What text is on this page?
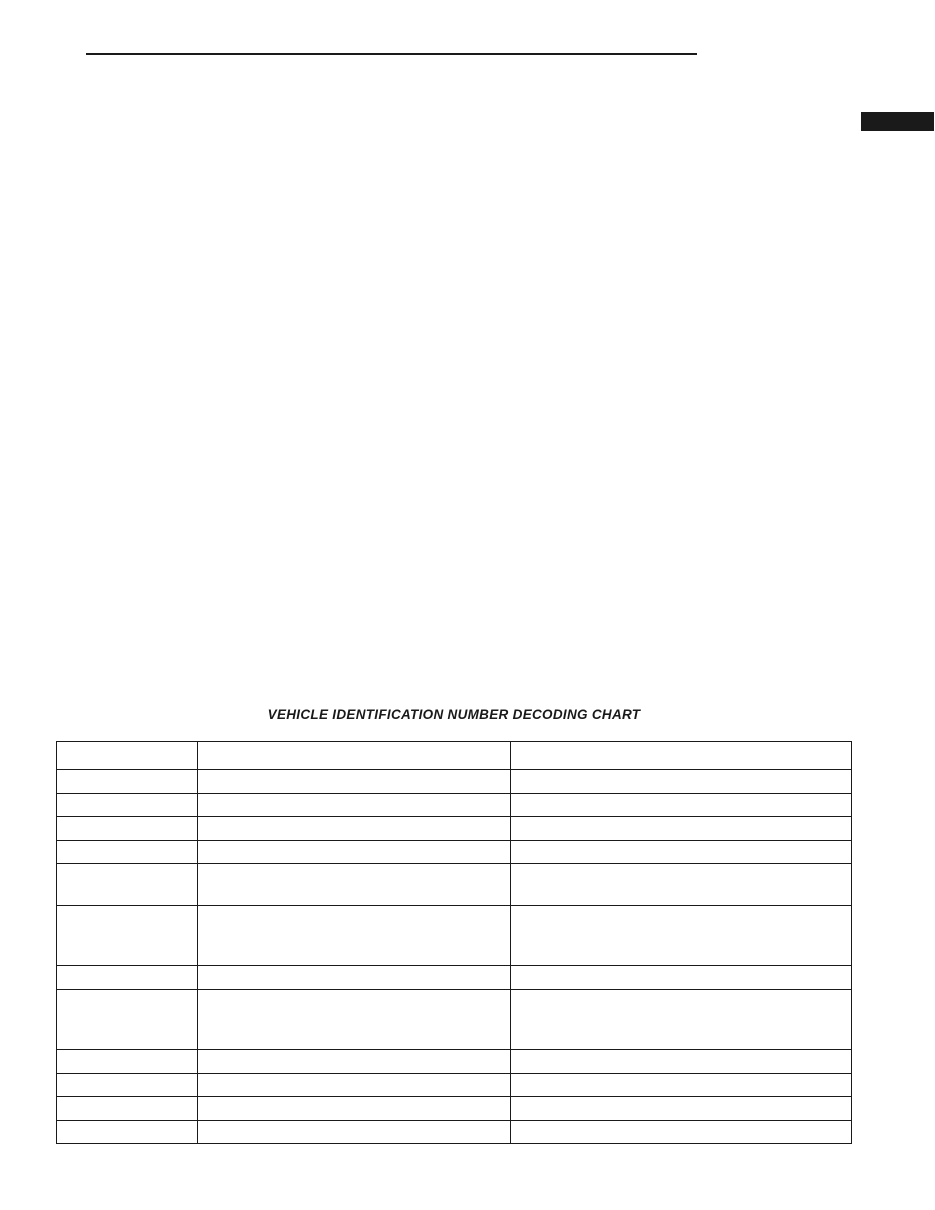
VEHICLE IDENTIFICATION NUMBER DECODING CHART
